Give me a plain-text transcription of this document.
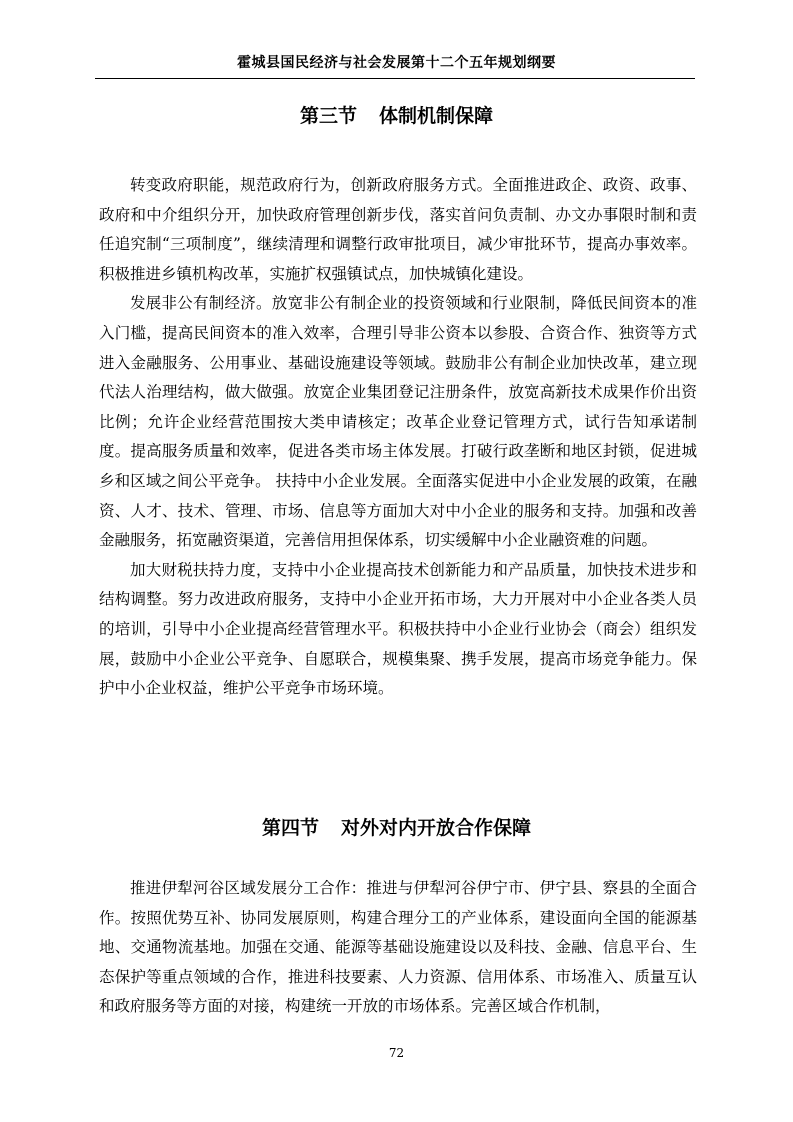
霍城县国民经济与社会发展第十二个五年规划纲要
第三节 体制机制保障

转变政府职能，规范政府行为，创新政府服务方式。全面推进政企、政资、政事、政府和中介组织分开，加快政府管理创新步伐，落实首问负责制、办文办事限时制和责任追究制“三项制度”，继续清理和调整行政审批项目，减少审批环节，提高办事效率。积极推进乡镇机构改革，实施扩权强镇试点，加快城镇化建设。

发展非公有制经济。放宽非公有制企业的投资领域和行业限制，降低民间资本的准入门槛，提高民间资本的准入效率，合理引导非公资本以参股、合资合作、独资等方式进入金融服务、公用事业、基础设施建设等领域。鼓励非公有制企业加快改革，建立现代法人治理结构，做大做强。放宽企业集团登记注册条件，放宽高新技术成果作价出资比例；允许企业经营范围按大类申请核定；改革企业登记管理方式，试行告知承诺制度。提高服务质量和效率，促进各类市场主体发展。打破行政垄断和地区封锁，促进城乡和区域之间公平竞争。 扶持中小企业发展。全面落实促进中小企业发展的政策，在融资、人才、技术、管理、市场、信息等方面加大对中小企业的服务和支持。加强和改善金融服务，拓宽融资渠道，完善信用担保体系，切实缓解中小企业融资难的问题。

加大财税扶持力度，支持中小企业提高技术创新能力和产品质量，加快技术进步和结构调整。努力改进政府服务，支持中小企业开拓市场，大力开展对中小企业各类人员的培训，引导中小企业提高经营管理水平。积极扶持中小企业行业协会（商会）组织发展，鼓励中小企业公平竞争、自愿联合，规模集聚、携手发展，提高市场竞争能力。保护中小企业权益，维护公平竞争市场环境。

第四节 对外对内开放合作保障

推进伊犁河谷区域发展分工合作：推进与伊犁河谷伊宁市、伊宁县、察县的全面合作。按照优势互补、协同发展原则，构建合理分工的产业体系，建设面向全国的能源基地、交通物流基地。加强在交通、能源等基础设施建设以及科技、金融、信息平台、生态保护等重点领域的合作，推进科技要素、人力资源、信用体系、市场准入、质量互认和政府服务等方面的对接，构建统一开放的市场体系。完善区域合作机制，

72
